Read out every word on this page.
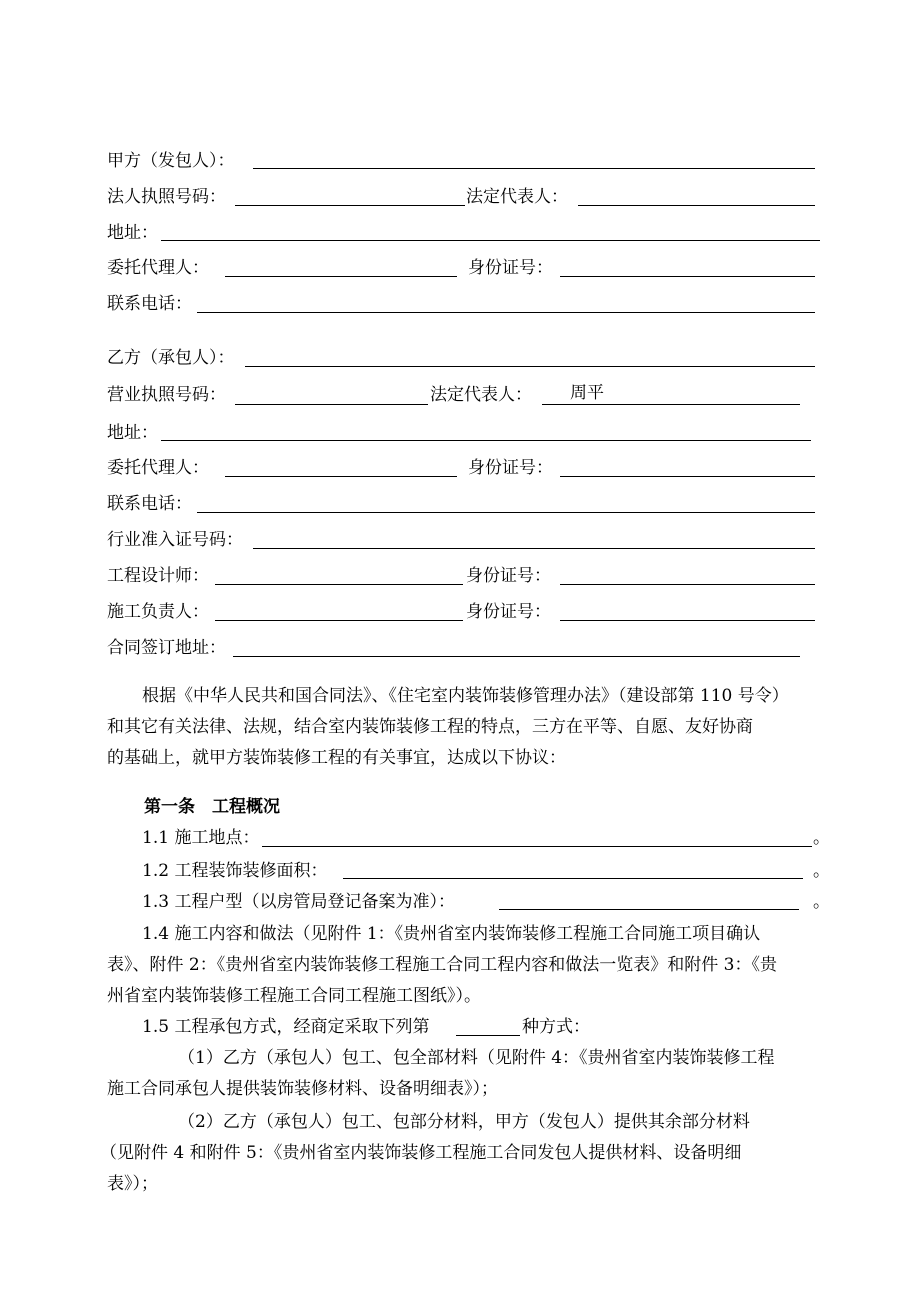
甲方（发包人）：
法人执照号码：	法定代表人：
地址：
委托代理人：	身份证号：
联系电话：
乙方（承包人）：
营业执照号码：	法定代表人： 周平
地址：
委托代理人：	身份证号：
联系电话：
行业准入证号码：
工程设计师：	身份证号：
施工负责人：	身份证号：
合同签订地址：
根据《中华人民共和国合同法》、《住宅室内装饰装修管理办法》（建设部第 110 号令）
和其它有关法律、法规，结合室内装饰装修工程的特点，三方在平等、自愿、友好协商
的基础上，就甲方装饰装修工程的有关事宜，达成以下协议：
第一条　工程概况
1.1 施工地点：	。
1.2 工程装饰装修面积：	。
1.3 工程户型（以房管局登记备案为准）：	。
1.4 施工内容和做法（见附件 1：《贵州省室内装饰装修工程施工合同施工项目确认
表》、附件 2：《贵州省室内装饰装修工程施工合同工程内容和做法一览表》和附件 3：《贵
州省室内装饰装修工程施工合同工程施工图纸》）。
1.5 工程承包方式，经商定采取下列第	种方式：
（1）乙方（承包人）包工、包全部材料（见附件 4：《贵州省室内装饰装修工程
施工合同承包人提供装饰装修材料、设备明细表》）；
（2）乙方（承包人）包工、包部分材料，甲方（发包人）提供其余部分材料
（见附件 4 和附件 5：《贵州省室内装饰装修工程施工合同发包人提供材料、设备明细
表》）；
